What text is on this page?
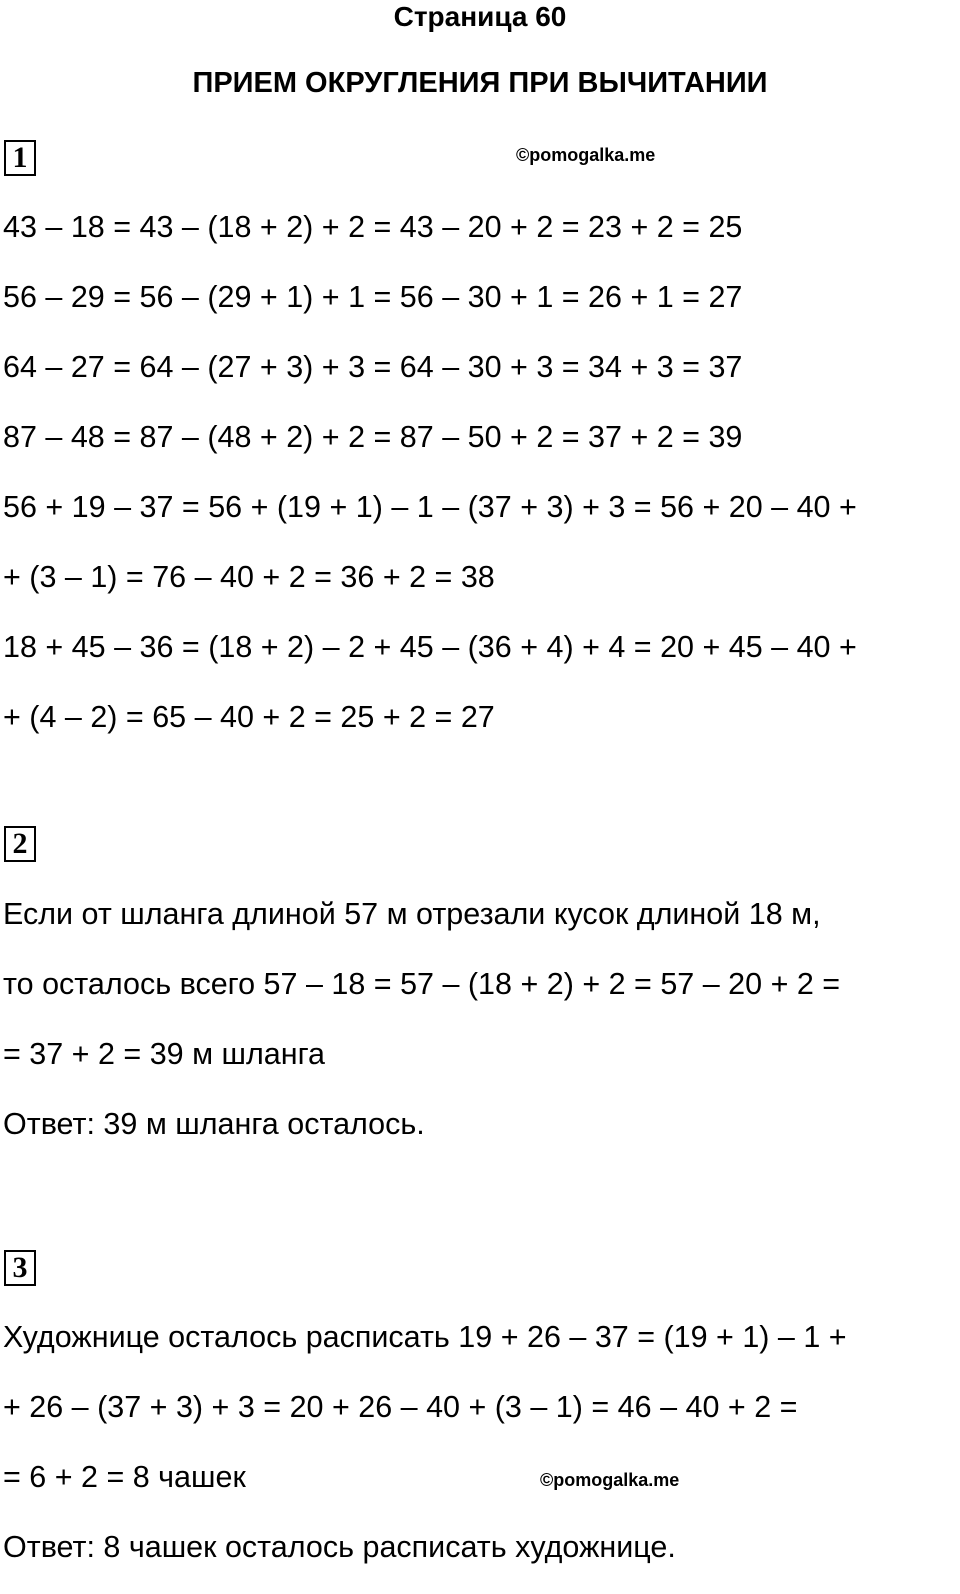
Страница 60
ПРИЕМ ОКРУГЛЕНИЯ ПРИ ВЫЧИТАНИИ
1	©pomogalka.me
43 – 18 = 43 – (18 + 2) + 2 = 43 – 20 + 2 = 23 + 2 = 25
56 – 29 = 56 – (29 + 1) + 1 = 56 – 30 + 1 = 26 + 1 = 27
64 – 27 = 64 – (27 + 3) + 3 = 64 – 30 + 3 = 34 + 3 = 37
87 – 48 = 87 – (48 + 2) + 2 = 87 – 50 + 2 = 37 + 2 = 39
56 + 19 – 37 = 56 + (19 + 1) – 1 – (37 + 3) + 3 = 56 + 20 – 40 +
+ (3 – 1) = 76 – 40 + 2 = 36 + 2 = 38
18 + 45 – 36 = (18 + 2) – 2 + 45 – (36 + 4) + 4 = 20 + 45 – 40 +
+ (4 – 2) = 65 – 40 + 2 = 25 + 2 = 27
2
Если от шланга длиной 57 м отрезали кусок длиной 18 м,
то осталось всего 57 – 18 = 57 – (18 + 2) + 2 = 57 – 20 + 2 =
= 37 + 2 = 39 м шланга
Ответ: 39 м шланга осталось.
3
Художнице осталось расписать 19 + 26 – 37 = (19 + 1) – 1 +
+ 26 – (37 + 3) + 3 = 20 + 26 – 40 + (3 – 1) = 46 – 40 + 2 =
= 6 + 2 = 8 чашек	©pomogalka.me
Ответ: 8 чашек осталось расписать художнице.
